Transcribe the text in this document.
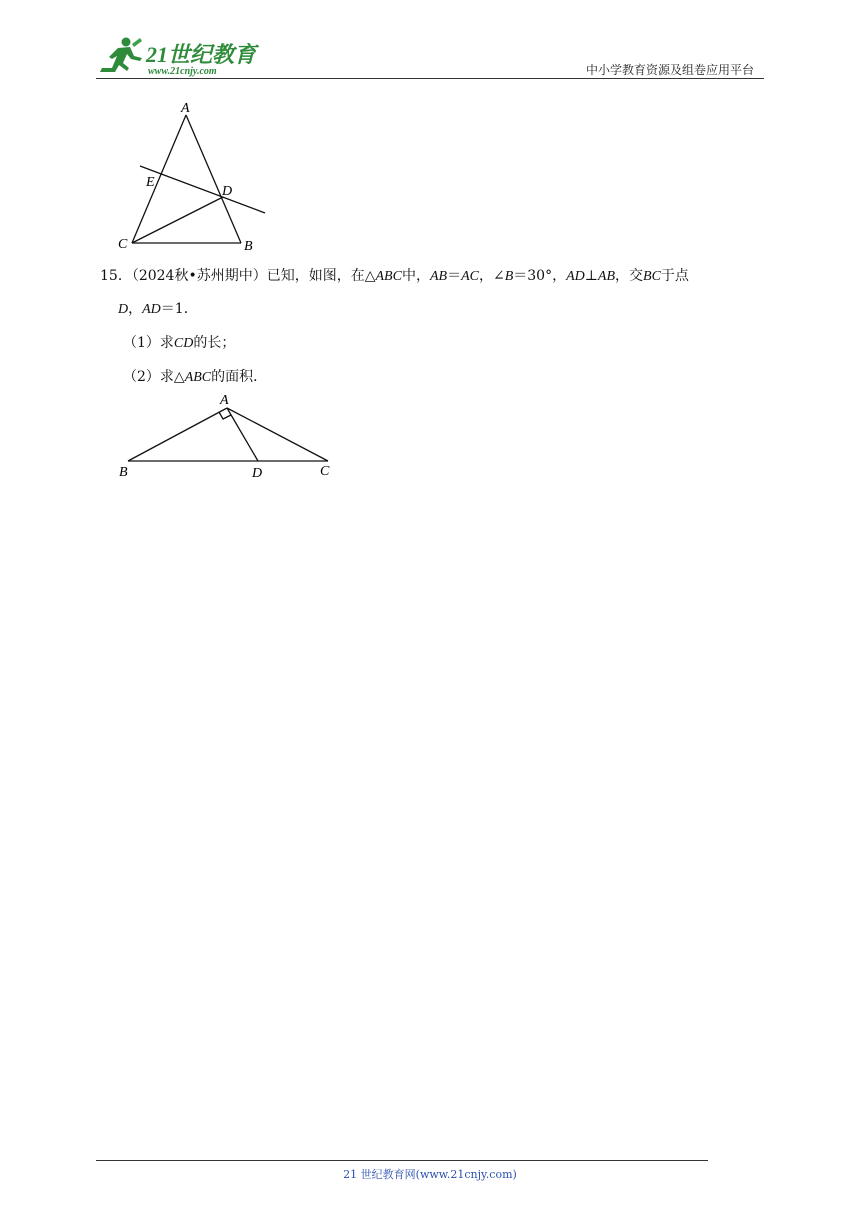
21世纪教育
www.21cnjy.com	中小学教育资源及组卷应用平台
A
E
D
C	B
15．（2024秋•苏州期中）已知，如图，在△ABC中，AB＝AC，∠B＝30°，AD⊥AB，交BC于点
D，AD＝1．
（1）求CD的长；
（2）求△ABC的面积．
A
B	D	C
21 世纪教育网(www.21cnjy.com)
